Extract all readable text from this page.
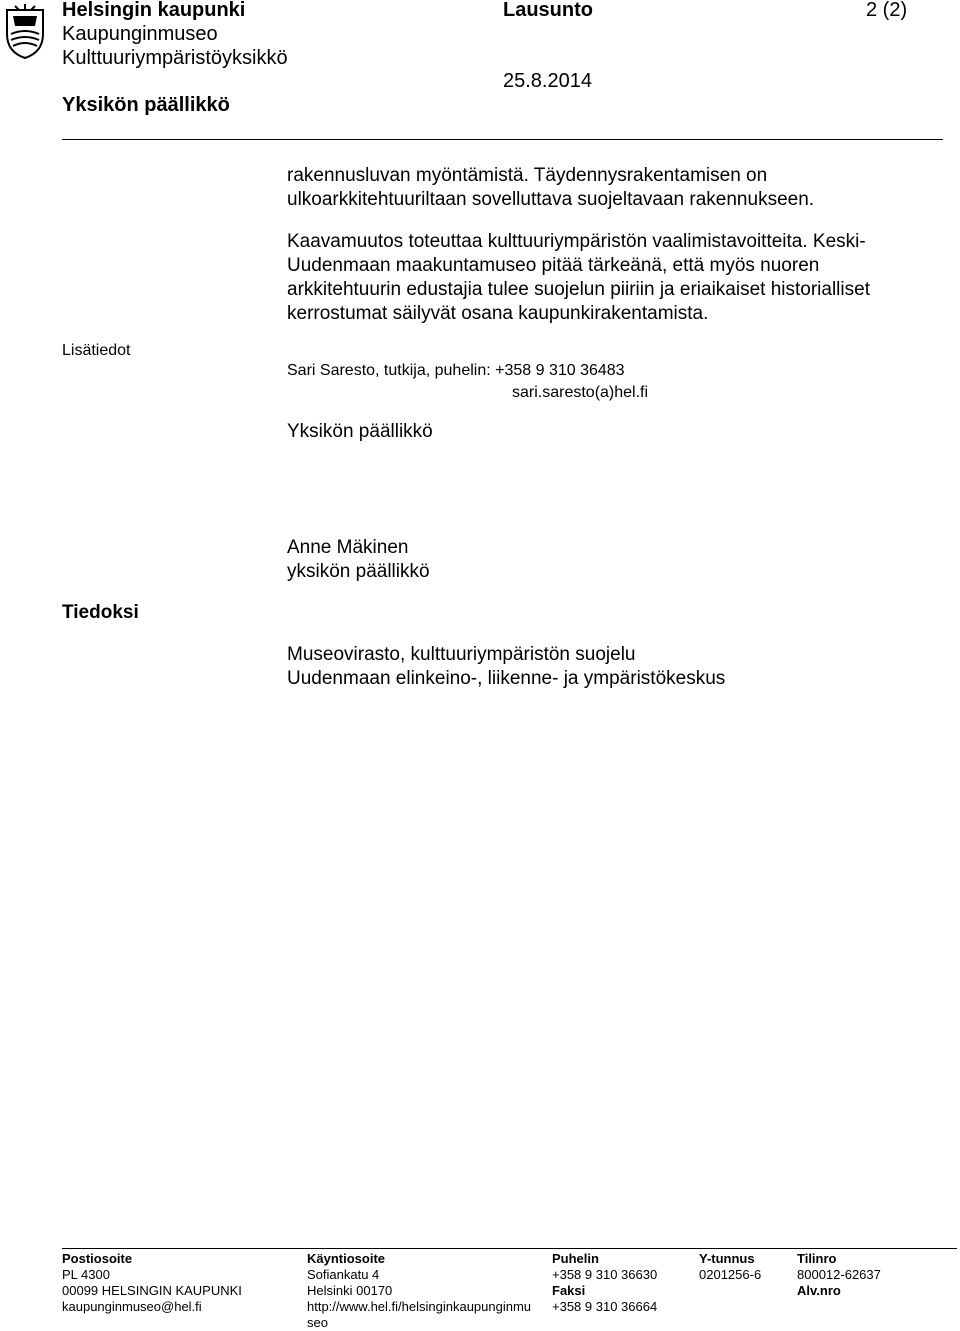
Helsingin kaupunki
Kaupunginmuseo
Kulttuuriympäristöyksikkö
Yksikön päällikkö
Lausunto	2 (2)
25.8.2014
rakennusluvan myöntämistä. Täydennysrakentamisen on
ulkoarkkitehtuuriltaan sovelluttava suojeltavaan rakennukseen.
Kaavamuutos toteuttaa kulttuuriympäristön vaalimistavoitteita. Keski-
Uudenmaan maakuntamuseo pitää tärkeänä, että myös nuoren
arkkitehtuurin edustajia tulee suojelun piiriin ja eriaikaiset historialliset
kerrostumat säilyvät osana kaupunkirakentamista.
Lisätiedot
Sari Saresto, tutkija, puhelin: +358 9 310 36483
sari.saresto(a)hel.fi
Yksikön päällikkö
Anne Mäkinen
yksikön päällikkö
Tiedoksi
Museovirasto, kulttuuriympäristön suojelu
Uudenmaan elinkeino-, liikenne- ja ympäristökeskus
Postiosoite
PL 4300
00099 HELSINGIN KAUPUNKI
kaupunginmuseo@hel.fi
Käyntiosoite
Sofiankatu 4
Helsinki 00170
http://www.hel.fi/helsinginkaupunginmu
seo
Puhelin
+358 9 310 36630
Faksi
+358 9 310 36664
Y-tunnus
0201256-6
Tilinro
800012-62637
Alv.nro
